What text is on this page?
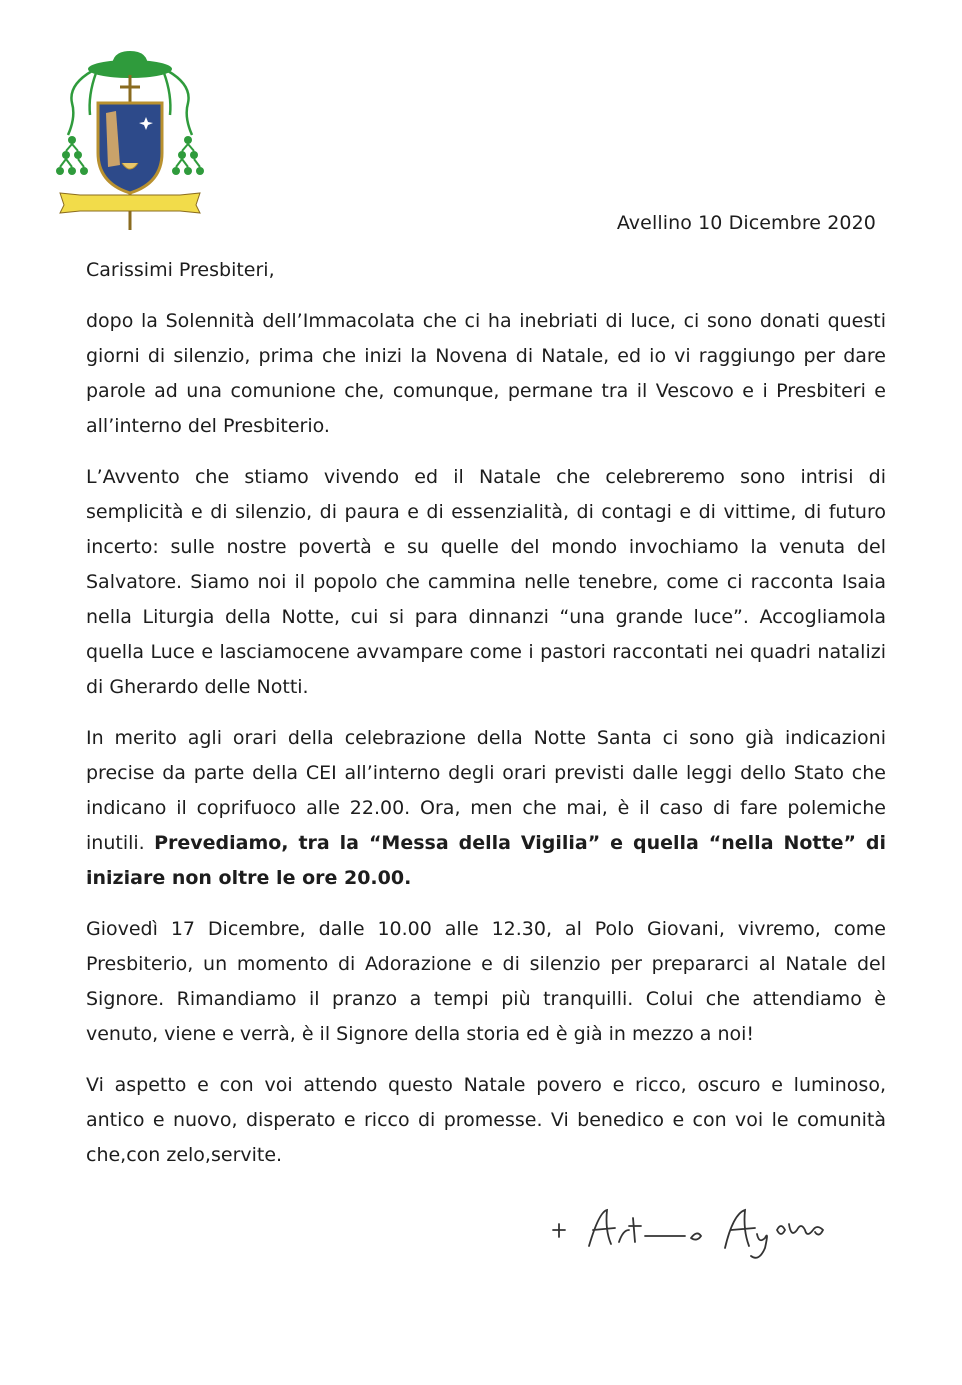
Avellino 10 Dicembre 2020
Carissimi Presbiteri,

dopo la Solennità dell’Immacolata che ci ha inebriati di luce, ci sono donati questi giorni di silenzio, prima che inizi la Novena di Natale, ed io vi raggiungo per dare parole ad una comunione che, comunque, permane tra il Vescovo e i Presbiteri e all’interno del Presbiterio.

L’Avvento che stiamo vivendo ed il Natale che celebreremo sono intrisi di semplicità e di silenzio, di paura e di essenzialità, di contagi e di vittime, di futuro incerto: sulle nostre povertà e su quelle del mondo invochiamo la venuta del Salvatore. Siamo noi il popolo che cammina nelle tenebre, come ci racconta Isaia nella Liturgia della Notte, cui si para dinnanzi “una grande luce”. Accogliamola quella Luce e lasciamocene avvampare come i pastori raccontati nei quadri natalizi di Gherardo delle Notti.

In merito agli orari della celebrazione della Notte Santa ci sono già indicazioni precise da parte della CEI all’interno degli orari previsti dalle leggi dello Stato che indicano il coprifuoco alle 22.00. Ora, men che mai, è il caso di fare polemiche inutili. Prevediamo, tra la “Messa della Vigilia” e quella “nella Notte” di iniziare non oltre le ore 20.00.

Giovedì 17 Dicembre, dalle 10.00 alle 12.30, al Polo Giovani, vivremo, come Presbiterio, un momento di Adorazione e di silenzio per prepararci al Natale del Signore. Rimandiamo il pranzo a tempi più tranquilli. Colui che attendiamo è venuto, viene e verrà, è il Signore della storia ed è già in mezzo a noi!

Vi aspetto e con voi attendo questo Natale povero e ricco, oscuro e luminoso, antico e nuovo, disperato e ricco di promesse. Vi benedico e con voi le comunità che,con zelo,servite.
